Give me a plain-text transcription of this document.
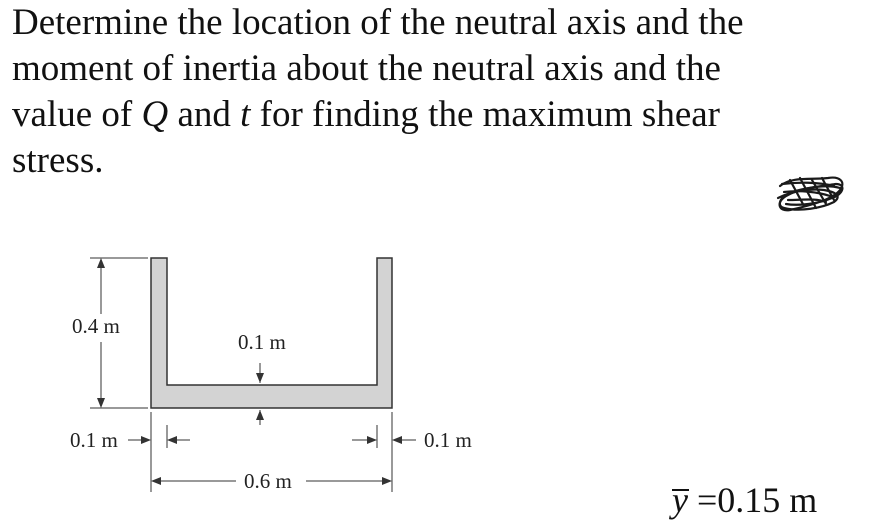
Determine the location of the neutral axis and the
moment of inertia about the neutral axis and the
value of Q and t for finding the maximum shear
stress.
0.4 m
0.1 m
0.1 m	0.1 m
0.6 m	y =0.15 m
